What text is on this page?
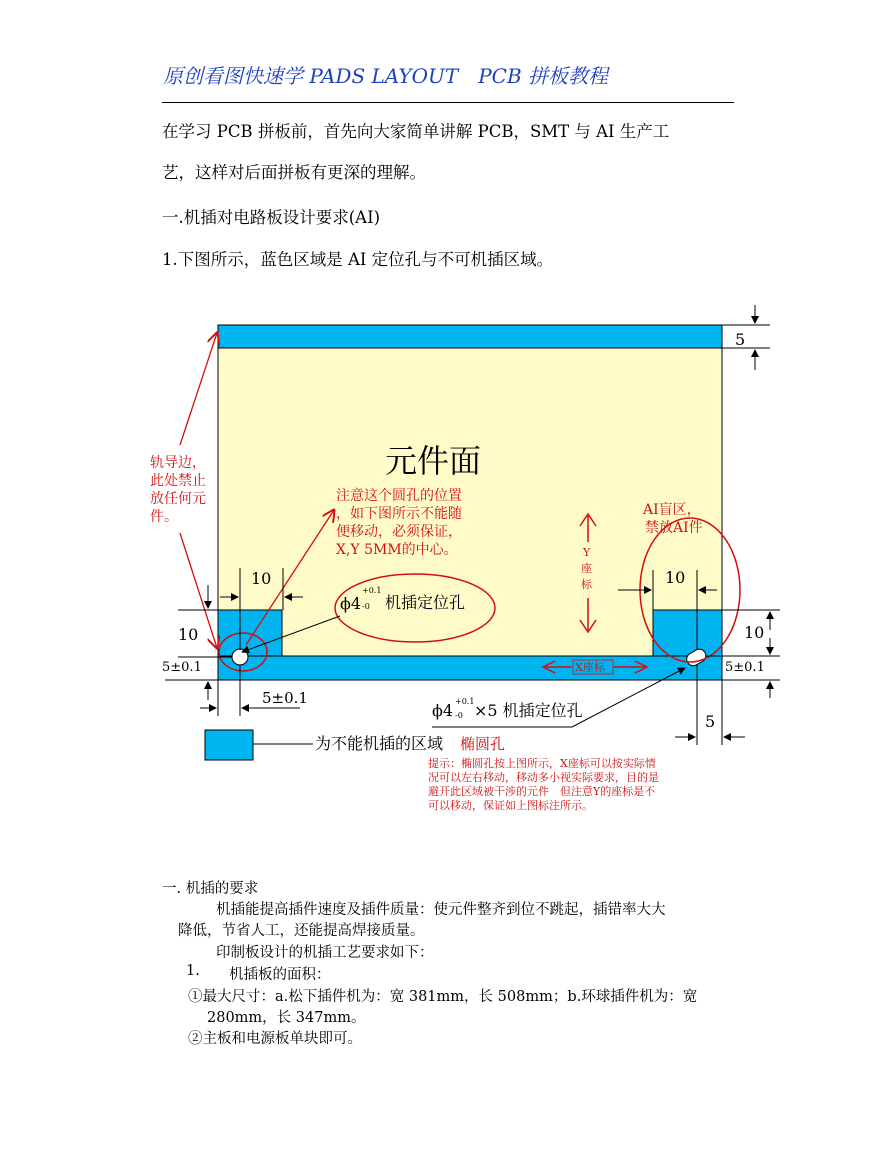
原创看图快速学 PADS LAYOUT　PCB 拼板教程
在学习 PCB 拼板前，首先向大家简单讲解 PCB，SMT 与 AI 生产工
艺，这样对后面拼板有更深的理解。
一.机插对电路板设计要求(AI)
1.下图所示，蓝色区域是 AI 定位孔与不可机插区域。
元件面
轨导边，
此处禁止
放任何元
件。
注意这个圆孔的位置
，如下图所示不能随
便移动，必须保证，
X,Y 5MM的中心。
AI盲区，
禁放AI件
Y
座
标
X座标
5
10	10
10	10
5±0.1	5±0.1
5±0.1
5
ϕ4
+0.1
-0 机插定位孔
ϕ4 +0.1
-0 ×5 机插定位孔
为不能机插的区域 椭圆孔
提示：椭圆孔按上图所示，X座标可以按实际情
况可以左右移动，移动多小视实际要求，目的是
避开此区域被干涉的元件　但注意Y的座标是不
可以移动，保证如上图标注所示。
一. 机插的要求
机插能提高插件速度及插件质量：使元件整齐到位不跳起，插错率大大
降低，节省人工，还能提高焊接质量。
印制板设计的机插工艺要求如下：
1. 机插板的面积：
①最大尺寸：a.松下插件机为：宽 381mm，长 508mm；b.环球插件机为：宽
280mm，长 347mm。
②主板和电源板单块即可。
